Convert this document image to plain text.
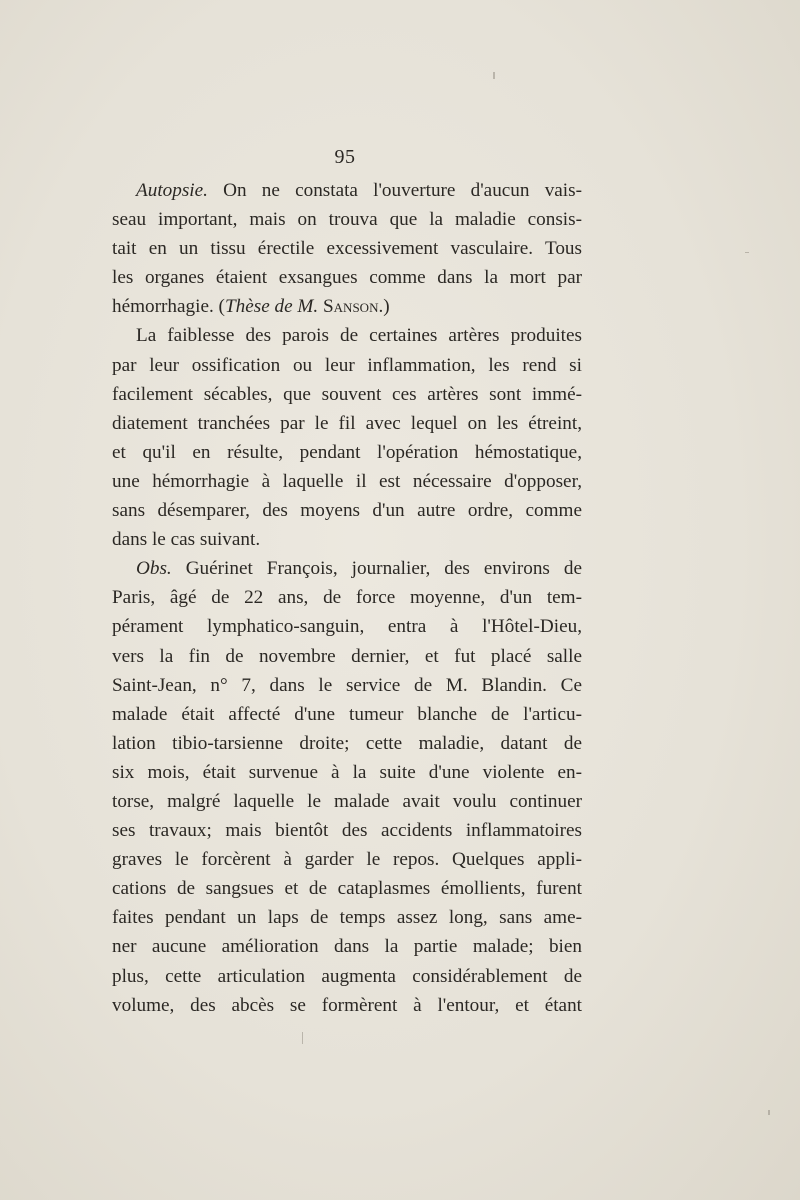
95
Autopsie. On ne constata l'ouverture d'aucun vais-
seau important, mais on trouva que la maladie consis-
tait en un tissu érectile excessivement vasculaire. Tous
les organes étaient exsangues comme dans la mort par
hémorrhagie. (Thèse de M. Sanson.)
La faiblesse des parois de certaines artères produites
par leur ossification ou leur inflammation, les rend si
facilement sécables, que souvent ces artères sont immé-
diatement tranchées par le fil avec lequel on les étreint,
et qu'il en résulte, pendant l'opération hémostatique,
une hémorrhagie à laquelle il est nécessaire d'opposer,
sans désemparer, des moyens d'un autre ordre, comme
dans le cas suivant.
Obs. Guérinet François, journalier, des environs de
Paris, âgé de 22 ans, de force moyenne, d'un tem-
pérament lymphatico-sanguin, entra à l'Hôtel-Dieu,
vers la fin de novembre dernier, et fut placé salle
Saint-Jean, n° 7, dans le service de M. Blandin. Ce
malade était affecté d'une tumeur blanche de l'articu-
lation tibio-tarsienne droite; cette maladie, datant de
six mois, était survenue à la suite d'une violente en-
torse, malgré laquelle le malade avait voulu continuer
ses travaux; mais bientôt des accidents inflammatoires
graves le forcèrent à garder le repos. Quelques appli-
cations de sangsues et de cataplasmes émollients, furent
faites pendant un laps de temps assez long, sans ame-
ner aucune amélioration dans la partie malade; bien
plus, cette articulation augmenta considérablement de
volume, des abcès se formèrent à l'entour, et étant
